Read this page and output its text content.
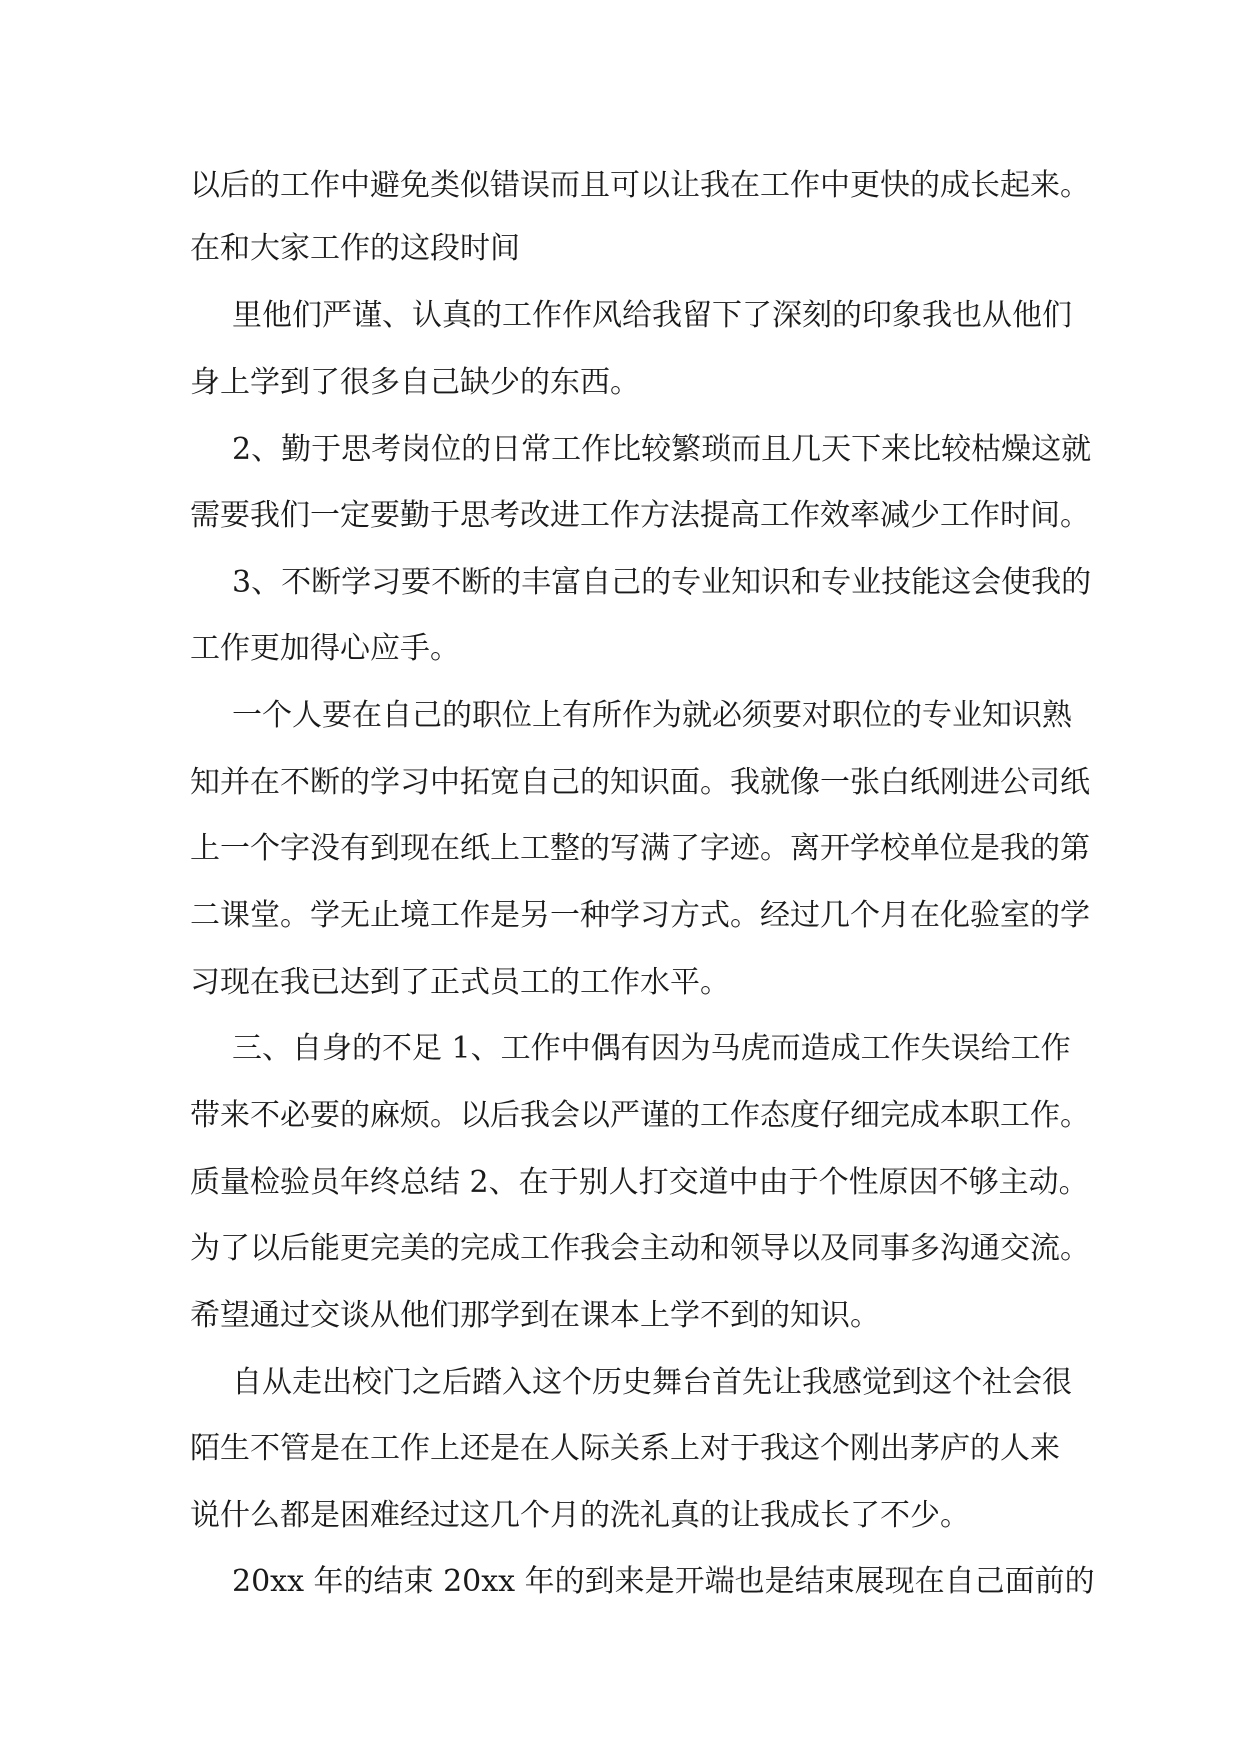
以后的工作中避免类似错误而且可以让我在工作中更快的成长起来。
在和大家工作的这段时间
里他们严谨、认真的工作作风给我留下了深刻的印象我也从他们
身上学到了很多自己缺少的东西。
2、勤于思考岗位的日常工作比较繁琐而且几天下来比较枯燥这就
需要我们一定要勤于思考改进工作方法提高工作效率减少工作时间。
3、不断学习要不断的丰富自己的专业知识和专业技能这会使我的
工作更加得心应手。
一个人要在自己的职位上有所作为就必须要对职位的专业知识熟
知并在不断的学习中拓宽自己的知识面。我就像一张白纸刚进公司纸
上一个字没有到现在纸上工整的写满了字迹。离开学校单位是我的第
二课堂。学无止境工作是另一种学习方式。经过几个月在化验室的学
习现在我已达到了正式员工的工作水平。
三、自身的不足 1、工作中偶有因为马虎而造成工作失误给工作
带来不必要的麻烦。以后我会以严谨的工作态度仔细完成本职工作。
质量检验员年终总结 2、在于别人打交道中由于个性原因不够主动。
为了以后能更完美的完成工作我会主动和领导以及同事多沟通交流。
希望通过交谈从他们那学到在课本上学不到的知识。
自从走出校门之后踏入这个历史舞台首先让我感觉到这个社会很
陌生不管是在工作上还是在人际关系上对于我这个刚出茅庐的人来
说什么都是困难经过这几个月的洗礼真的让我成长了不少。
20xx 年的结束 20xx 年的到来是开端也是结束展现在自己面前的
